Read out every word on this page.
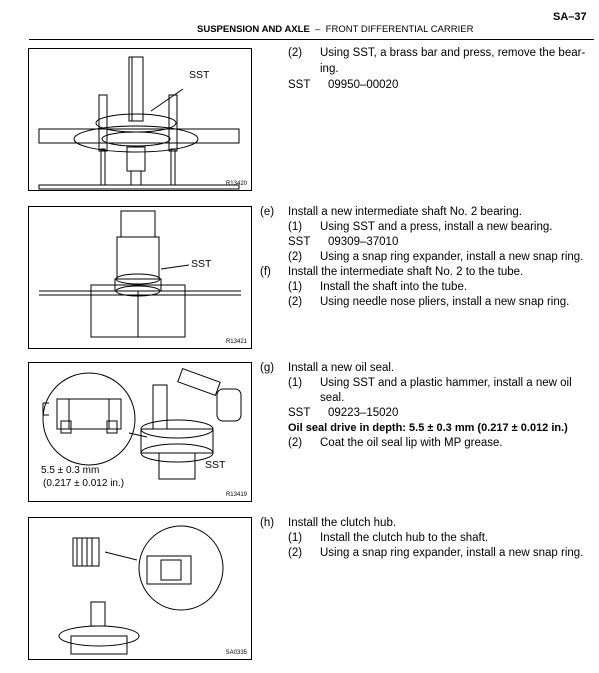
SA–37
SUSPENSION AND AXLE – FRONT DIFFERENTIAL CARRIER
SST
R13420
SST
R13421
SST
5.5 ± 0.3 mm
(0.217 ± 0.012 in.)
R13419
SA0335
(2) Using SST, a brass bar and press, remove the bear-
ing.
SST 09950–00020
(e) Install a new intermediate shaft No. 2 bearing.
(1) Using SST and a press, install a new bearing.
SST 09309–37010
(2) Using a snap ring expander, install a new snap ring.
(f) Install the intermediate shaft No. 2 to the tube.
(1) Install the shaft into the tube.
(2) Using needle nose pliers, install a new snap ring.
(g) Install a new oil seal.
(1) Using SST and a plastic hammer, install a new oil
seal.
SST 09223–15020
Oil seal drive in depth: 5.5 ± 0.3 mm (0.217 ± 0.012 in.)
(2) Coat the oil seal lip with MP grease.
(h) Install the clutch hub.
(1) Install the clutch hub to the shaft.
(2) Using a snap ring expander, install a new snap ring.
